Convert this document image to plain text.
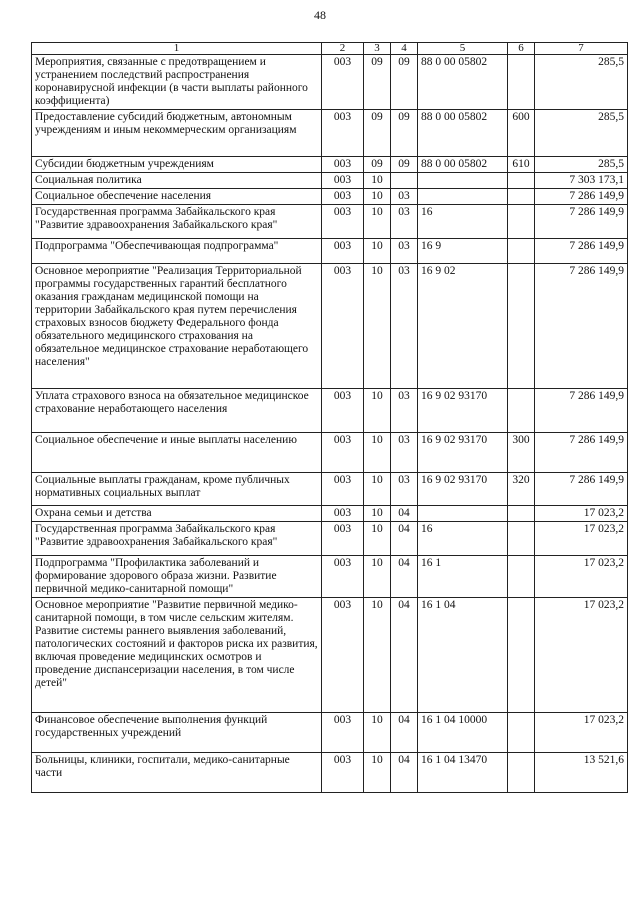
48
1	2	3	4	5	6	7
Мероприятия, связанные с предотвращением и устранением последствий распространения коронавирусной инфекции (в части выплаты районного коэффициента)	003	09	09	88 0 00 05802		285,5
Предоставление субсидий бюджетным, автономным учреждениям и иным некоммерческим организациям	003	09	09	88 0 00 05802	600	285,5
Субсидии бюджетным учреждениям	003	09	09	88 0 00 05802	610	285,5
Социальная политика	003	10				7 303 173,1
Социальное обеспечение населения	003	10	03			7 286 149,9
Государственная программа Забайкальского края "Развитие здравоохранения Забайкальского края"	003	10	03	16		7 286 149,9
Подпрограмма "Обеспечивающая подпрограмма"	003	10	03	16 9		7 286 149,9
Основное мероприятие "Реализация Территориальной программы государственных гарантий бесплатного оказания гражданам медицинской помощи на территории Забайкальского края путем перечисления страховых взносов бюджету Федерального фонда обязательного медицинского страхования на обязательное медицинское страхование неработающего населения"	003	10	03	16 9 02		7 286 149,9
Уплата страхового взноса на обязательное медицинское страхование неработающего населения	003	10	03	16 9 02 93170		7 286 149,9
Социальное обеспечение и иные выплаты населению	003	10	03	16 9 02 93170	300	7 286 149,9
Социальные выплаты гражданам, кроме публичных нормативных социальных выплат	003	10	03	16 9 02 93170	320	7 286 149,9
Охрана семьи и детства	003	10	04			17 023,2
Государственная программа Забайкальского края "Развитие здравоохранения Забайкальского края"	003	10	04	16		17 023,2
Подпрограмма "Профилактика заболеваний и формирование здорового образа жизни. Развитие первичной медико-санитарной помощи"	003	10	04	16 1		17 023,2
Основное мероприятие "Развитие первичной медико-санитарной помощи, в том числе сельским жителям. Развитие системы раннего выявления заболеваний, патологических состояний и факторов риска их развития, включая проведение медицинских осмотров и проведение диспансеризации населения, в том числе детей"	003	10	04	16 1 04		17 023,2
Финансовое обеспечение выполнения функций государственных учреждений	003	10	04	16 1 04 10000		17 023,2
Больницы, клиники, госпитали, медико-санитарные части	003	10	04	16 1 04 13470		13 521,6
